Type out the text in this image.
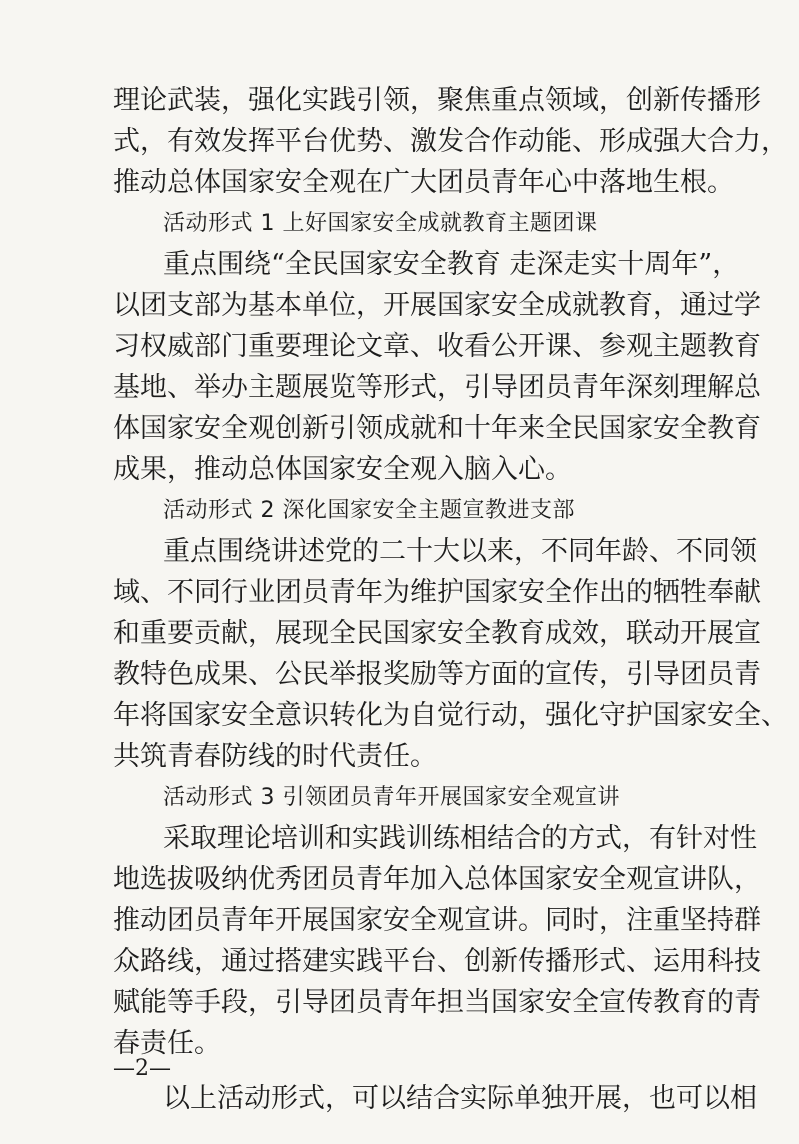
理论武装，强化实践引领，聚焦重点领域，创新传播形
式，有效发挥平台优势、激发合作动能、形成强大合力，
推动总体国家安全观在广大团员青年心中落地生根。
活动形式 1 上好国家安全成就教育主题团课
重点围绕“全民国家安全教育 走深走实十周年”，
以团支部为基本单位，开展国家安全成就教育，通过学
习权威部门重要理论文章、收看公开课、参观主题教育
基地、举办主题展览等形式，引导团员青年深刻理解总
体国家安全观创新引领成就和十年来全民国家安全教育
成果，推动总体国家安全观入脑入心。
活动形式 2 深化国家安全主题宣教进支部
重点围绕讲述党的二十大以来，不同年龄、不同领
域、不同行业团员青年为维护国家安全作出的牺牲奉献
和重要贡献，展现全民国家安全教育成效，联动开展宣
教特色成果、公民举报奖励等方面的宣传，引导团员青
年将国家安全意识转化为自觉行动，强化守护国家安全、
共筑青春防线的时代责任。
活动形式 3 引领团员青年开展国家安全观宣讲
采取理论培训和实践训练相结合的方式，有针对性
地选拔吸纳优秀团员青年加入总体国家安全观宣讲队，
推动团员青年开展国家安全观宣讲。同时，注重坚持群
众路线，通过搭建实践平台、创新传播形式、运用科技
赋能等手段，引导团员青年担当国家安全宣传教育的青
春责任。
以上活动形式，可以结合实际单独开展，也可以相
—2—
